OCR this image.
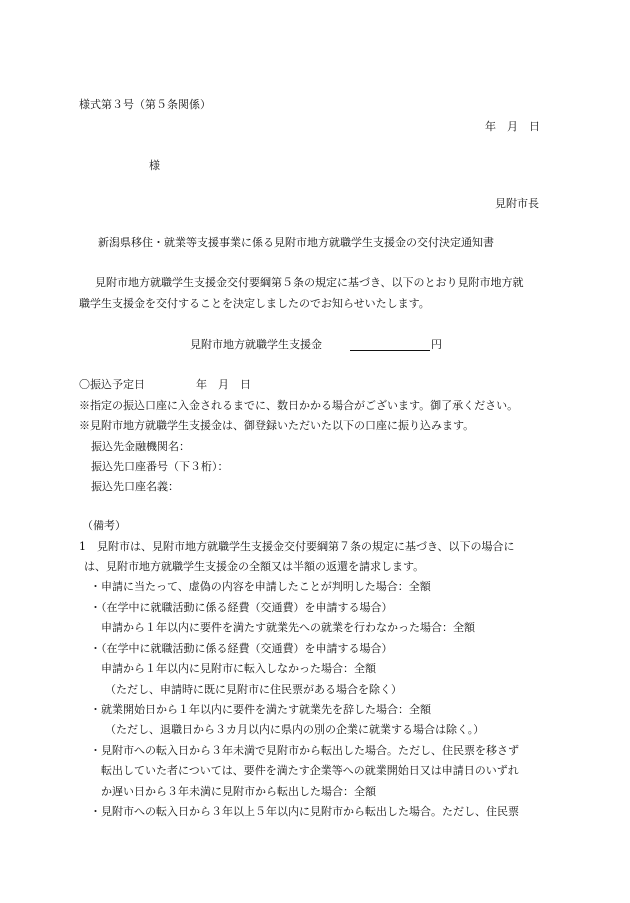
様式第３号（第５条関係）
年　月　日
様
見附市長
新潟県移住・就業等支援事業に係る見附市地方就職学生支援金の交付決定通知書
見附市地方就職学生支援金交付要綱第５条の規定に基づき、以下のとおり見附市地方就
職学生支援金を交付することを決定しましたのでお知らせいたします。
見附市地方就職学生支援金	円
〇振込予定日	年　月　日
※指定の振込口座に入金されるまでに、数日かかる場合がございます。御了承ください。
※見附市地方就職学生支援金は、御登録いただいた以下の口座に振り込みます。
振込先金融機関名：
振込先口座番号（下３桁）：
振込先口座名義：
（備考）
1 見附市は、見附市地方就職学生支援金交付要綱第７条の規定に基づき、以下の場合に
は、見附市地方就職学生支援金の全額又は半額の返還を請求します。
・申請に当たって、虚偽の内容を申請したことが判明した場合：全額
・（在学中に就職活動に係る経費（交通費）を申請する場合）
申請から１年以内に要件を満たす就業先への就業を行わなかった場合：全額
・（在学中に就職活動に係る経費（交通費）を申請する場合）
申請から１年以内に見附市に転入しなかった場合：全額
（ただし、申請時に既に見附市に住民票がある場合を除く）
・就業開始日から１年以内に要件を満たす就業先を辞した場合：全額
（ただし、退職日から３カ月以内に県内の別の企業に就業する場合は除く。）
・見附市への転入日から３年未満で見附市から転出した場合。ただし、住民票を移さず
転出していた者については、要件を満たす企業等への就業開始日又は申請日のいずれ
か遅い日から３年未満に見附市から転出した場合：全額
・見附市への転入日から３年以上５年以内に見附市から転出した場合。ただし、住民票
